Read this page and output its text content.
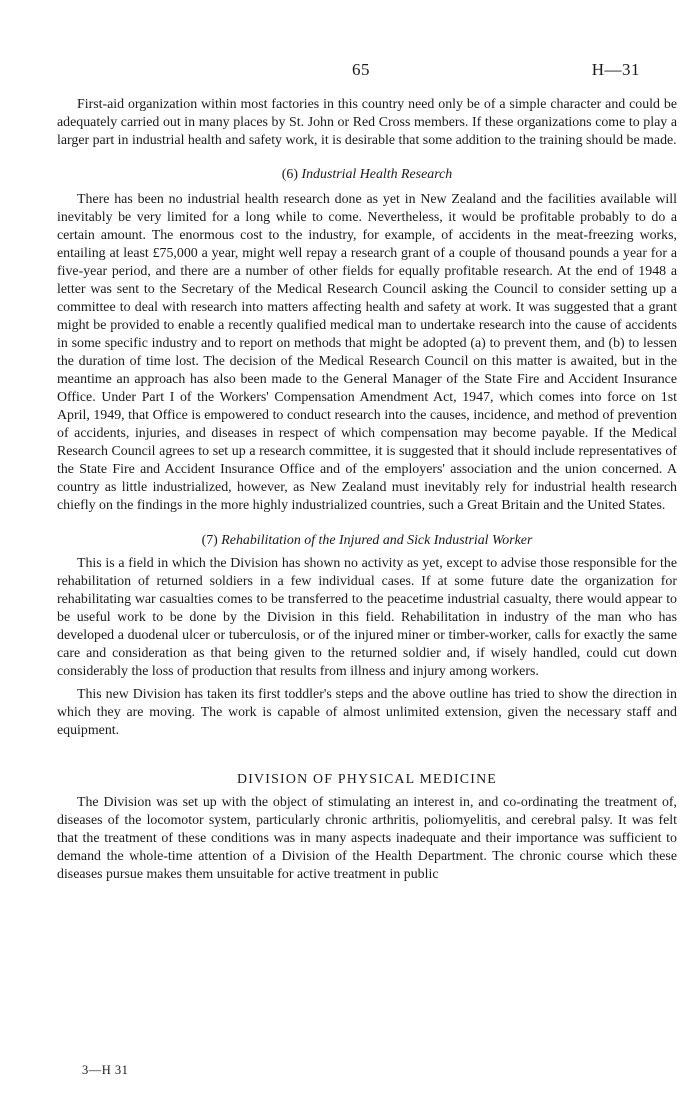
65	H—31

First-aid organization within most factories in this country need only be of a simple character and could be adequately carried out in many places by St. John or Red Cross members. If these organizations come to play a larger part in industrial health and safety work, it is desirable that some addition to the training should be made.

(6) Industrial Health Research

There has been no industrial health research done as yet in New Zealand and the facilities available will inevitably be very limited for a long while to come. Nevertheless, it would be profitable probably to do a certain amount. The enormous cost to the industry, for example, of accidents in the meat-freezing works, entailing at least £75,000 a year, might well repay a research grant of a couple of thousand pounds a year for a five-year period, and there are a number of other fields for equally profitable research. At the end of 1948 a letter was sent to the Secretary of the Medical Research Council asking the Council to consider setting up a committee to deal with research into matters affecting health and safety at work. It was suggested that a grant might be provided to enable a recently qualified medical man to undertake research into the cause of accidents in some specific industry and to report on methods that might be adopted (a) to prevent them, and (b) to lessen the duration of time lost. The decision of the Medical Research Council on this matter is awaited, but in the meantime an approach has also been made to the General Manager of the State Fire and Accident Insurance Office. Under Part I of the Workers' Compensation Amendment Act, 1947, which comes into force on 1st April, 1949, that Office is empowered to conduct research into the causes, incidence, and method of prevention of accidents, injuries, and diseases in respect of which compensation may become payable. If the Medical Research Council agrees to set up a research committee, it is suggested that it should include representatives of the State Fire and Accident Insurance Office and of the employers' association and the union concerned. A country as little industrialized, however, as New Zealand must inevitably rely for industrial health research chiefly on the findings in the more highly industrialized countries, such a Great Britain and the United States.

(7) Rehabilitation of the Injured and Sick Industrial Worker

This is a field in which the Division has shown no activity as yet, except to advise those responsible for the rehabilitation of returned soldiers in a few individual cases. If at some future date the organization for rehabilitating war casualties comes to be transferred to the peacetime industrial casualty, there would appear to be useful work to be done by the Division in this field. Rehabilitation in industry of the man who has developed a duodenal ulcer or tuberculosis, or of the injured miner or timber-worker, calls for exactly the same care and consideration as that being given to the returned soldier and, if wisely handled, could cut down considerably the loss of production that results from illness and injury among workers.

This new Division has taken its first toddler's steps and the above outline has tried to show the direction in which they are moving. The work is capable of almost unlimited extension, given the necessary staff and equipment.

DIVISION OF PHYSICAL MEDICINE

The Division was set up with the object of stimulating an interest in, and co-ordinating the treatment of, diseases of the locomotor system, particularly chronic arthritis, poliomyelitis, and cerebral palsy. It was felt that the treatment of these conditions was in many aspects inadequate and their importance was sufficient to demand the whole-time attention of a Division of the Health Department. The chronic course which these diseases pursue makes them unsuitable for active treatment in public

3—H 31
